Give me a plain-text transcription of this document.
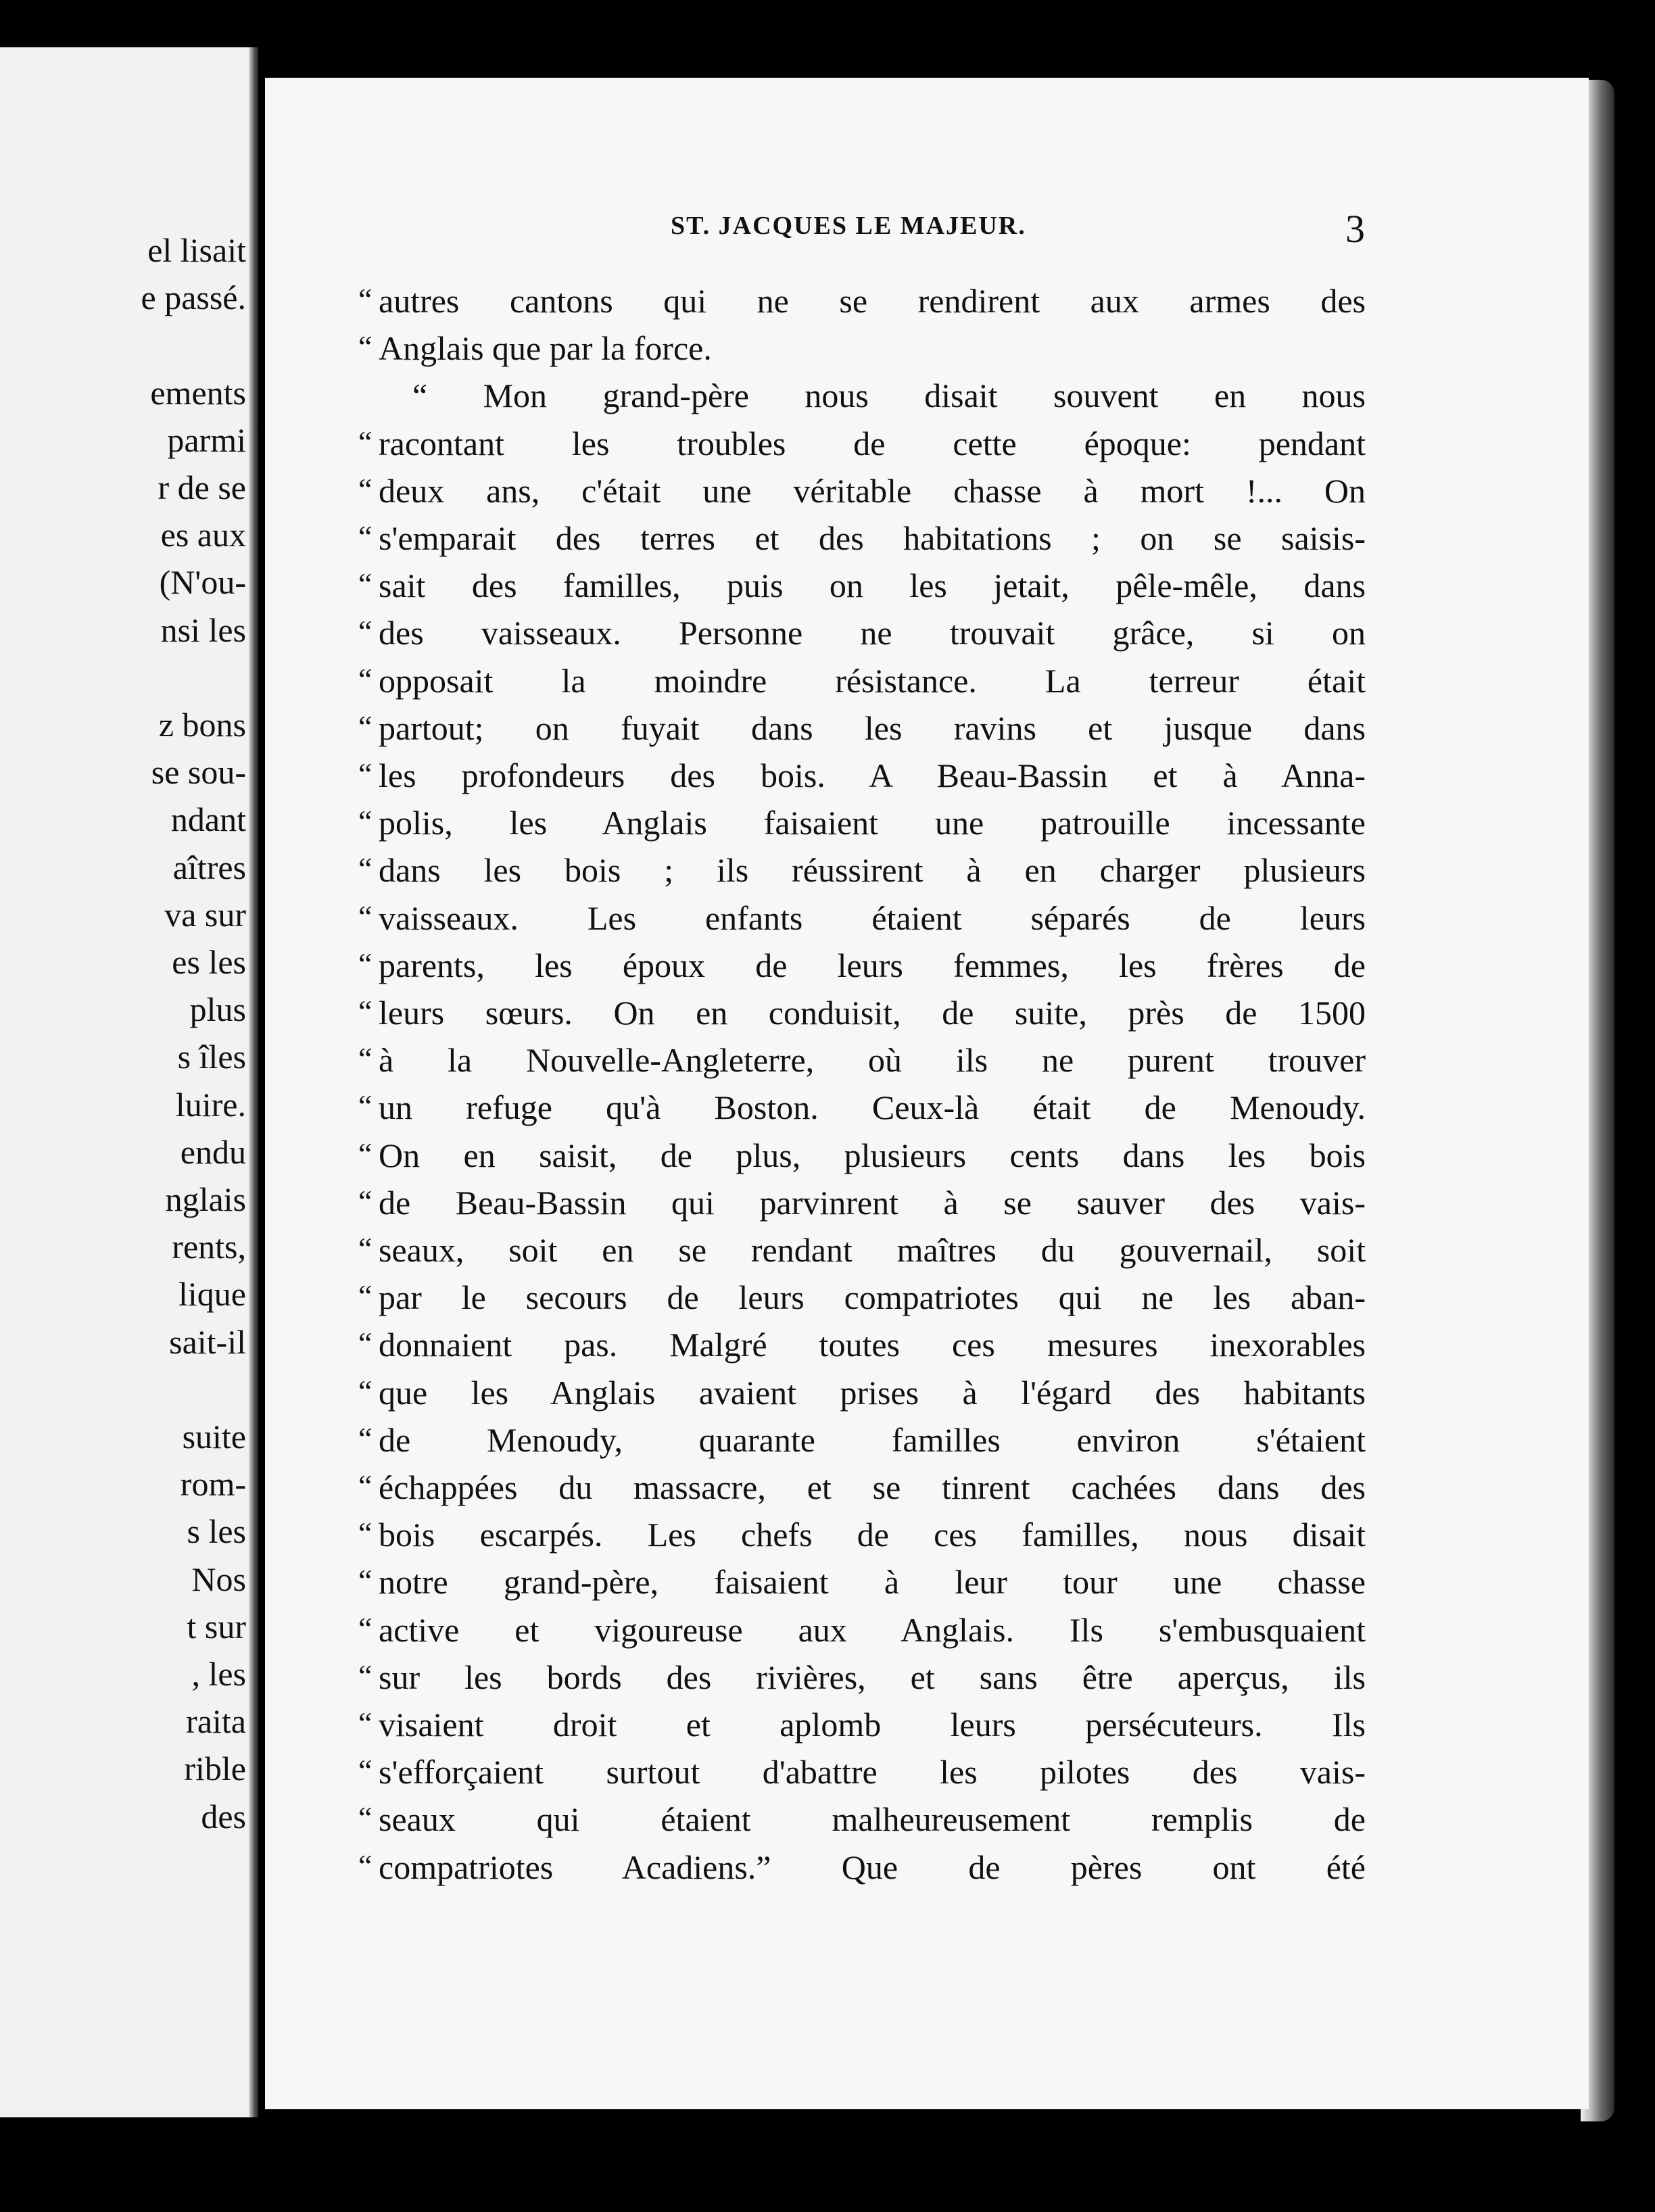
el lisait
e passé.
ements
parmi
r de se
es aux
(N'ou-
nsi les
z bons
se sou-
ndant
aîtres
va sur
es les
plus
s îles
luire.
endu
nglais
rents,
lique
sait-il
suite
rom-
s les
Nos
t sur
, les
raita
rible
des
ST. JACQUES LE MAJEUR.	3
“ autres cantons qui ne se rendirent aux armes des
“ Anglais que par la force.
“ Mon grand-père nous disait souvent en nous
“ racontant les troubles de cette époque: pendant
“ deux ans, c'était une véritable chasse à mort !... On
“ s'emparait des terres et des habitations ; on se saisis-
“ sait des familles, puis on les jetait, pêle-mêle, dans
“ des vaisseaux. Personne ne trouvait grâce, si on
“ opposait la moindre résistance. La terreur était
“ partout; on fuyait dans les ravins et jusque dans
“ les profondeurs des bois. A Beau-Bassin et à Anna-
“ polis, les Anglais faisaient une patrouille incessante
“ dans les bois ; ils réussirent à en charger plusieurs
“ vaisseaux. Les enfants étaient séparés de leurs
“ parents, les époux de leurs femmes, les frères de
“ leurs sœurs. On en conduisit, de suite, près de 1500
“ à la Nouvelle-Angleterre, où ils ne purent trouver
“ un refuge qu'à Boston. Ceux-là était de Menoudy.
“ On en saisit, de plus, plusieurs cents dans les bois
“ de Beau-Bassin qui parvinrent à se sauver des vais-
“ seaux, soit en se rendant maîtres du gouvernail, soit
“ par le secours de leurs compatriotes qui ne les aban-
“ donnaient pas. Malgré toutes ces mesures inexorables
“ que les Anglais avaient prises à l'égard des habitants
“ de Menoudy, quarante familles environ s'étaient
“ échappées du massacre, et se tinrent cachées dans des
“ bois escarpés. Les chefs de ces familles, nous disait
“ notre grand-père, faisaient à leur tour une chasse
“ active et vigoureuse aux Anglais. Ils s'embusquaient
“ sur les bords des rivières, et sans être aperçus, ils
“ visaient droit et aplomb leurs persécuteurs. Ils
“ s'efforçaient surtout d'abattre les pilotes des vais-
“ seaux qui étaient malheureusement remplis de
“ compatriotes Acadiens.” Que de pères ont été
